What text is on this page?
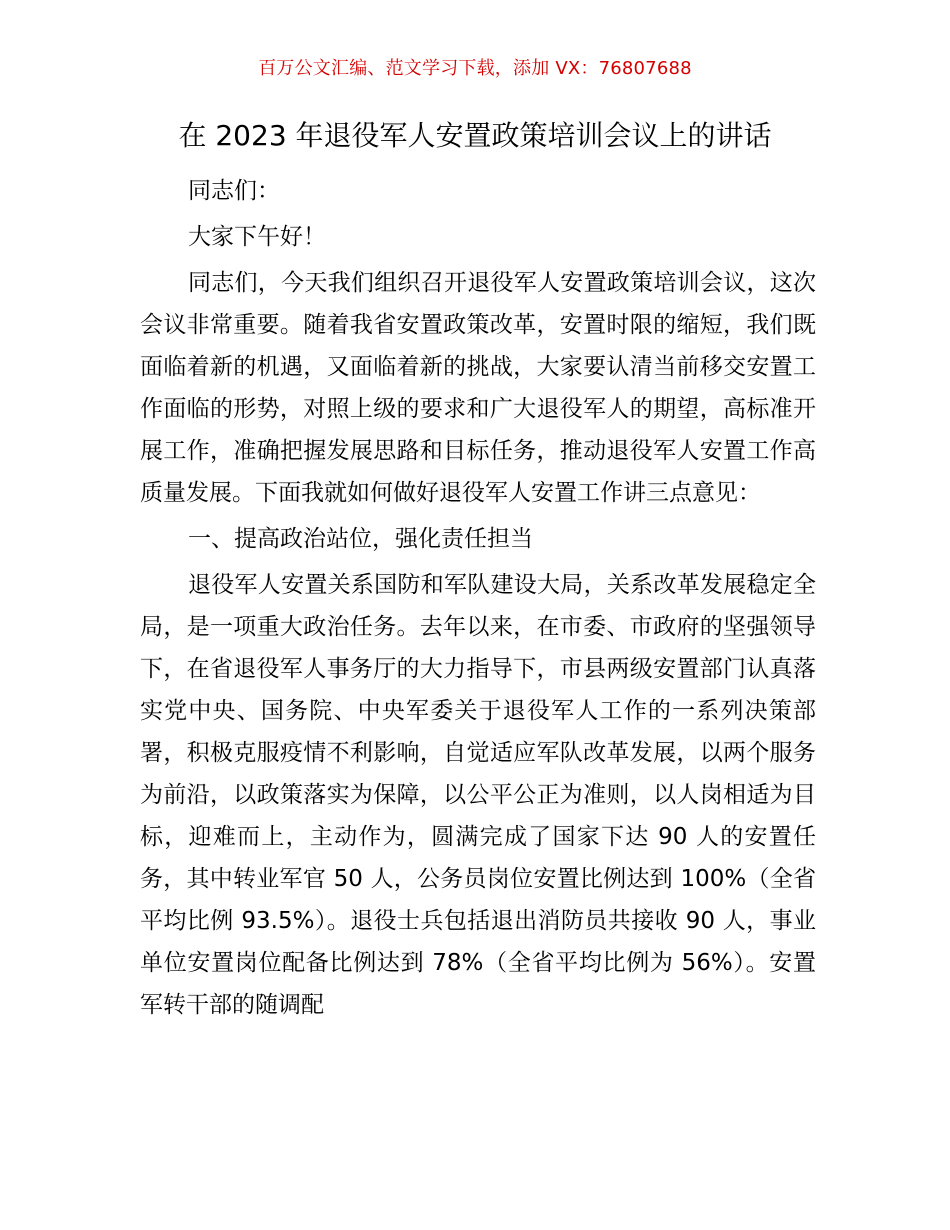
百万公文汇编、范文学习下载，添加 VX：76807688
在 2023 年退役军人安置政策培训会议上的讲话

同志们：

大家下午好！

同志们，今天我们组织召开退役军人安置政策培训会议，这次会议非常重要。随着我省安置政策改革，安置时限的缩短，我们既面临着新的机遇，又面临着新的挑战，大家要认清当前移交安置工作面临的形势，对照上级的要求和广大退役军人的期望，高标准开展工作，准确把握发展思路和目标任务，推动退役军人安置工作高质量发展。下面我就如何做好退役军人安置工作讲三点意见：

一、提高政治站位，强化责任担当

退役军人安置关系国防和军队建设大局，关系改革发展稳定全局，是一项重大政治任务。去年以来，在市委、市政府的坚强领导下，在省退役军人事务厅的大力指导下，市县两级安置部门认真落实党中央、国务院、中央军委关于退役军人工作的一系列决策部署，积极克服疫情不利影响，自觉适应军队改革发展，以两个服务为前沿，以政策落实为保障，以公平公正为准则，以人岗相适为目标，迎难而上，主动作为，圆满完成了国家下达 90 人的安置任务，其中转业军官 50 人，公务员岗位安置比例达到 100%（全省平均比例 93.5%）。退役士兵包括退出消防员共接收 90 人，事业单位安置岗位配备比例达到 78%（全省平均比例为 56%）。安置军转干部的随调配
